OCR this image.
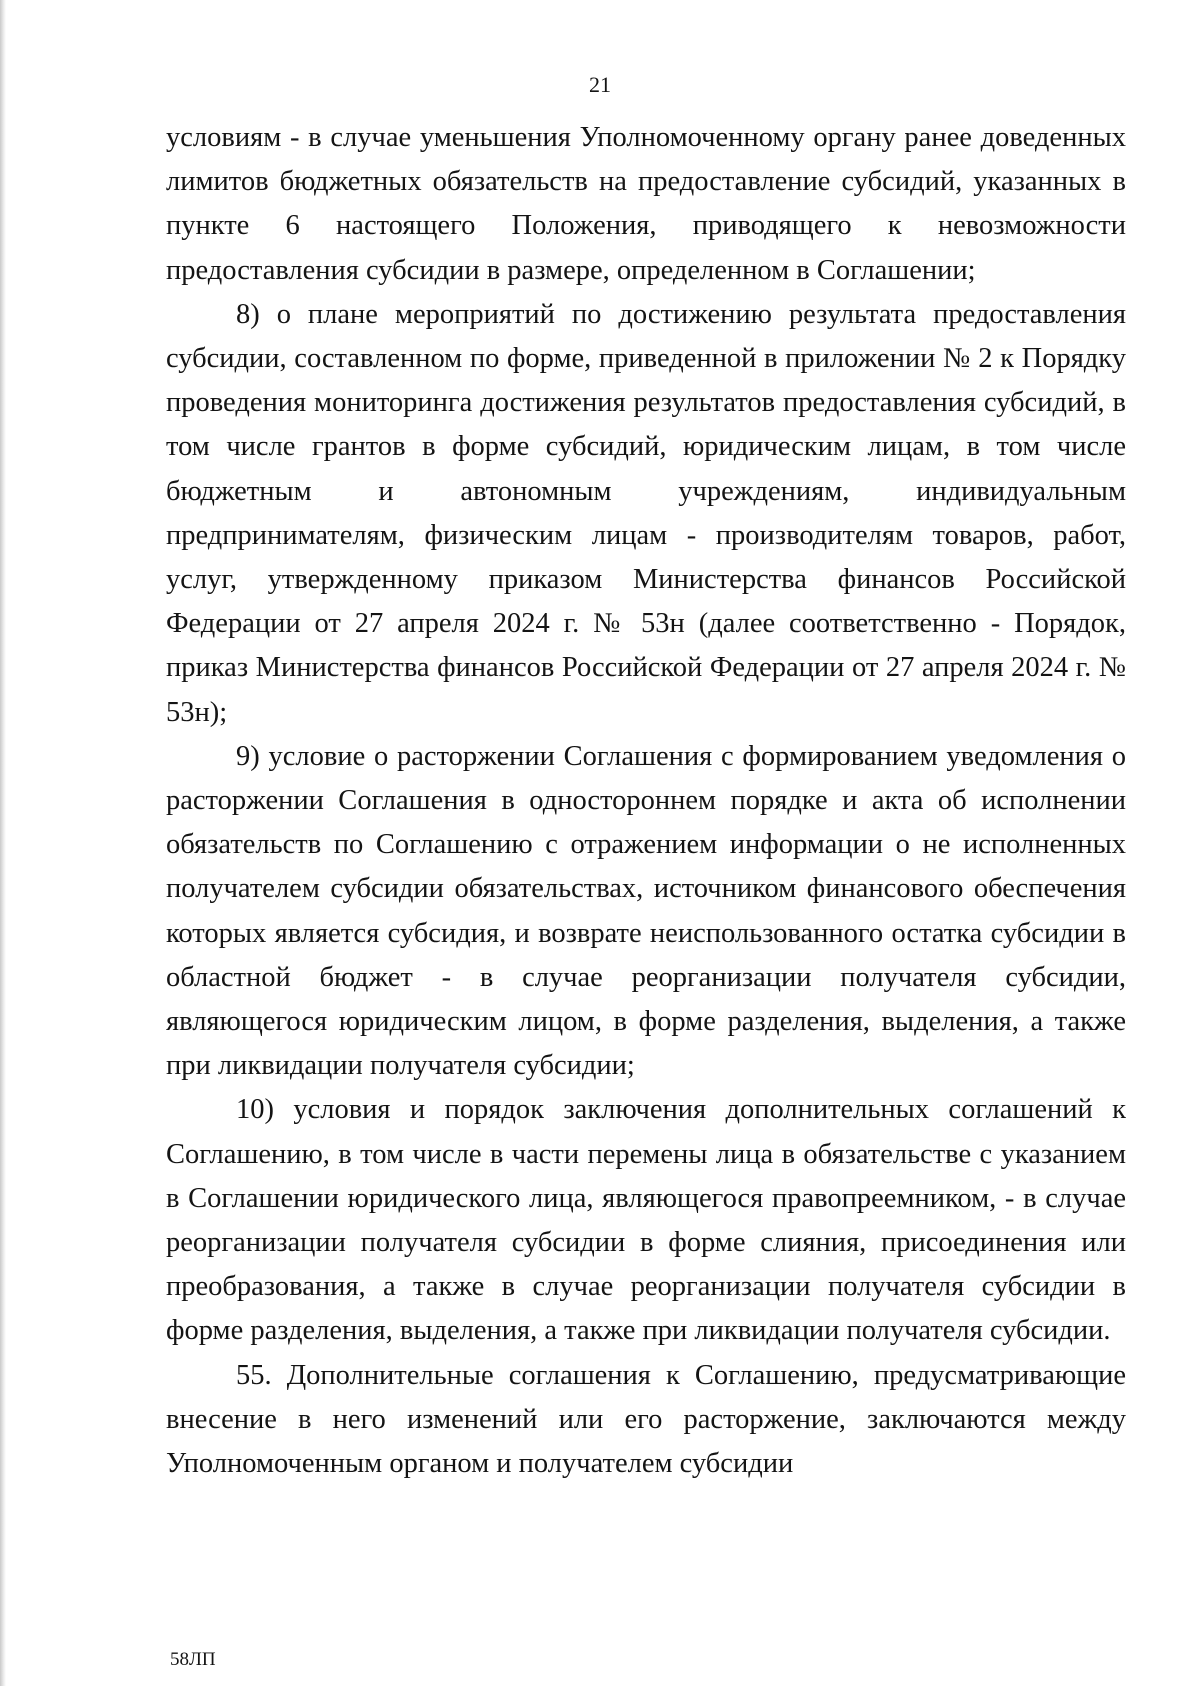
21

условиям - в случае уменьшения Уполномоченному органу ранее доведенных лимитов бюджетных обязательств на предоставление субсидий, указанных в пункте 6 настоящего Положения, приводящего к невозможности предоставления субсидии в размере, определенном в Соглашении;

8) о плане мероприятий по достижению результата предоставления субсидии, составленном по форме, приведенной в приложении № 2 к Порядку проведения мониторинга достижения результатов предоставления субсидий, в том числе грантов в форме субсидий, юридическим лицам, в том числе бюджетным и автономным учреждениям, индивидуальным предпринимателям, физическим лицам - производителям товаров, работ, услуг, утвержденному приказом Министерства финансов Российской Федерации от 27 апреля 2024 г. № 53н (далее соответственно - Порядок, приказ Министерства финансов Российской Федерации от 27 апреля 2024 г. № 53н);

9) условие о расторжении Соглашения с формированием уведомления о расторжении Соглашения в одностороннем порядке и акта об исполнении обязательств по Соглашению с отражением информации о не исполненных получателем субсидии обязательствах, источником финансового обеспечения которых является субсидия, и возврате неиспользованного остатка субсидии в областной бюджет - в случае реорганизации получателя субсидии, являющегося юридическим лицом, в форме разделения, выделения, а также при ликвидации получателя субсидии;

10) условия и порядок заключения дополнительных соглашений к Соглашению, в том числе в части перемены лица в обязательстве с указанием в Соглашении юридического лица, являющегося правопреемником, - в случае реорганизации получателя субсидии в форме слияния, присоединения или преобразования, а также в случае реорганизации получателя субсидии в форме разделения, выделения, а также при ликвидации получателя субсидии.

55. Дополнительные соглашения к Соглашению, предусматривающие внесение в него изменений или его расторжение, заключаются между Уполномоченным органом и получателем субсидии

58ЛП
